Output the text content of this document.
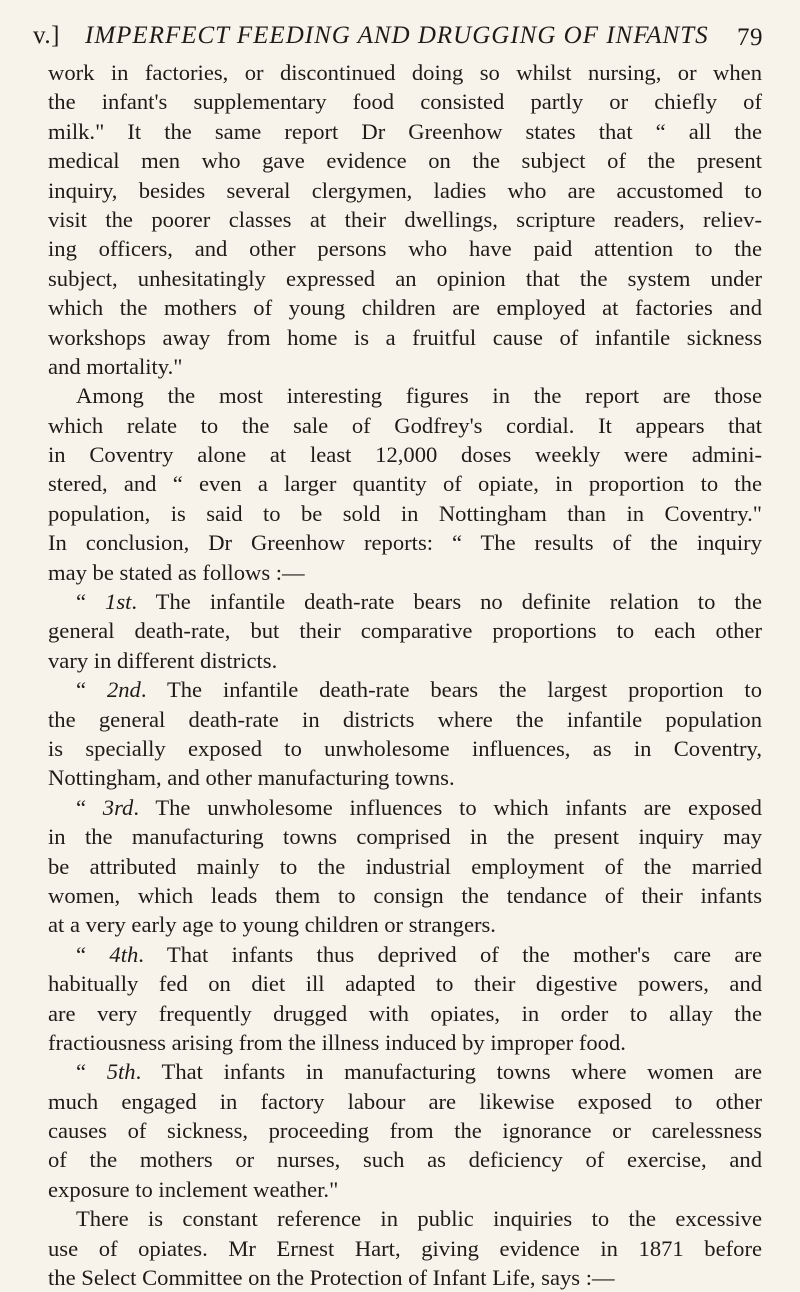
v.] IMPERFECT FEEDING AND DRUGGING OF INFANTS 79
work in factories, or discontinued doing so whilst nursing, or when
the infant's supplementary food consisted partly or chiefly of
milk." It the same report Dr Greenhow states that “ all the
medical men who gave evidence on the subject of the present
inquiry, besides several clergymen, ladies who are accustomed to
visit the poorer classes at their dwellings, scripture readers, reliev-
ing officers, and other persons who have paid attention to the
subject, unhesitatingly expressed an opinion that the system under
which the mothers of young children are employed at factories and
workshops away from home is a fruitful cause of infantile sickness
and mortality."
Among the most interesting figures in the report are those
which relate to the sale of Godfrey's cordial. It appears that
in Coventry alone at least 12,000 doses weekly were admini-
stered, and “ even a larger quantity of opiate, in proportion to the
population, is said to be sold in Nottingham than in Coventry."
In conclusion, Dr Greenhow reports: “ The results of the inquiry
may be stated as follows :—
“ 1st. The infantile death-rate bears no definite relation to the
general death-rate, but their comparative proportions to each other
vary in different districts.
“ 2nd. The infantile death-rate bears the largest proportion to
the general death-rate in districts where the infantile population
is specially exposed to unwholesome influences, as in Coventry,
Nottingham, and other manufacturing towns.
“ 3rd. The unwholesome influences to which infants are exposed
in the manufacturing towns comprised in the present inquiry may
be attributed mainly to the industrial employment of the married
women, which leads them to consign the tendance of their infants
at a very early age to young children or strangers.
“ 4th. That infants thus deprived of the mother's care are
habitually fed on diet ill adapted to their digestive powers, and
are very frequently drugged with opiates, in order to allay the
fractiousness arising from the illness induced by improper food.
“ 5th. That infants in manufacturing towns where women are
much engaged in factory labour are likewise exposed to other
causes of sickness, proceeding from the ignorance or carelessness
of the mothers or nurses, such as deficiency of exercise, and
exposure to inclement weather."
There is constant reference in public inquiries to the excessive
use of opiates. Mr Ernest Hart, giving evidence in 1871 before
the Select Committee on the Protection of Infant Life, says :—
